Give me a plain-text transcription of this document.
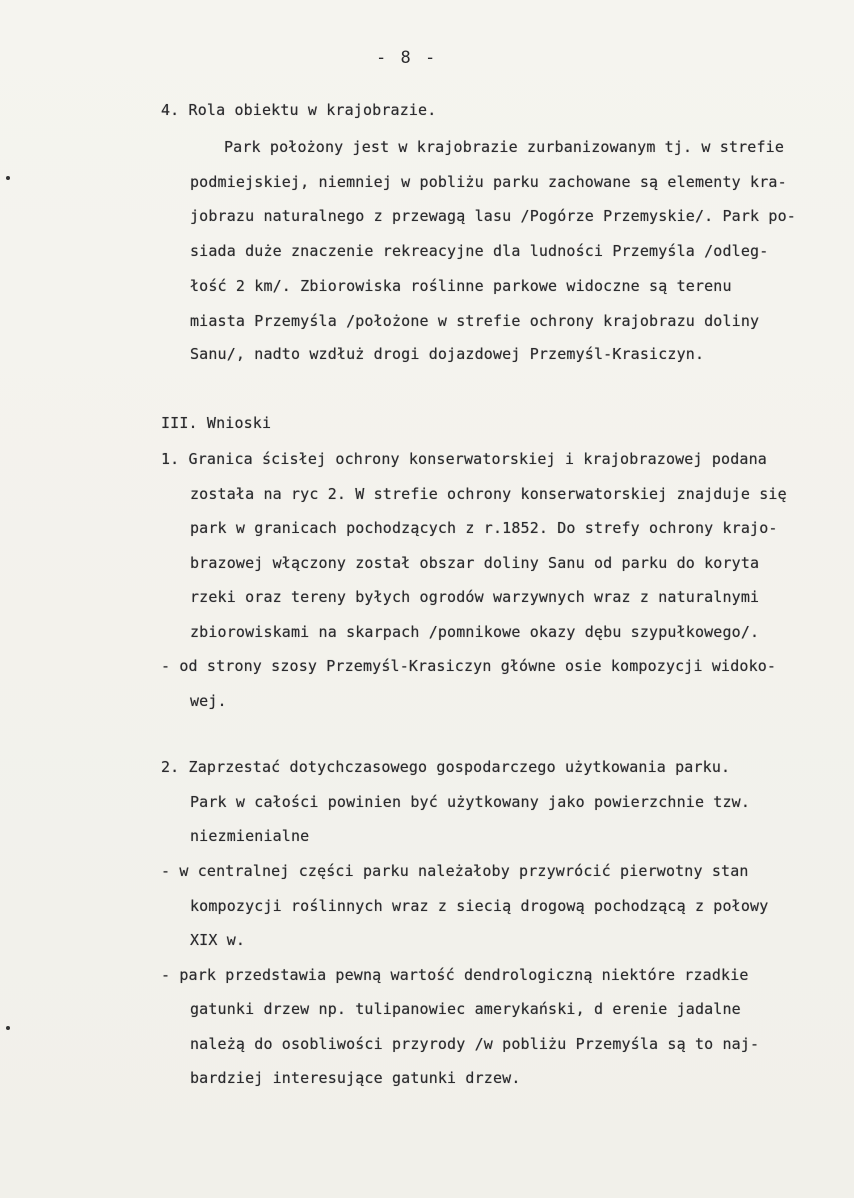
- 8 -
4. Rola obiektu w krajobrazie.
Park położony jest w krajobrazie zurbanizowanym tj. w strefie
podmiejskiej, niemniej w pobliżu parku zachowane są elementy kra-
jobrazu naturalnego z przewagą lasu /Pogórze Przemyskie/. Park po-
siada duże znaczenie rekreacyjne dla ludności Przemyśla /odleg-
łość 2 km/. Zbiorowiska roślinne parkowe widoczne są terenu
miasta Przemyśla /położone w strefie ochrony krajobrazu doliny
Sanu/, nadto wzdłuż drogi dojazdowej Przemyśl-Krasiczyn.
III. Wnioski
1. Granica ścisłej ochrony konserwatorskiej i krajobrazowej podana
została na ryc 2. W strefie ochrony konserwatorskiej znajduje się
park w granicach pochodzących z r.1852. Do strefy ochrony krajo-
brazowej włączony został obszar doliny Sanu od parku do koryta
rzeki oraz tereny byłych ogrodów warzywnych wraz z naturalnymi
zbiorowiskami na skarpach /pomnikowe okazy dębu szypułkowego/.
- od strony szosy Przemyśl-Krasiczyn główne osie kompozycji widoko-
wej.
2. Zaprzestać dotychczasowego gospodarczego użytkowania parku.
Park w całości powinien być użytkowany jako powierzchnie tzw.
niezmienialne
- w centralnej części parku należałoby przywrócić pierwotny stan
kompozycji roślinnych wraz z siecią drogową pochodzącą z połowy
XIX w.
- park przedstawia pewną wartość dendrologiczną niektóre rzadkie
gatunki drzew np. tulipanowiec amerykański, d erenie jadalne
należą do osobliwości przyrody /w pobliżu Przemyśla są to naj-
bardziej interesujące gatunki drzew.
